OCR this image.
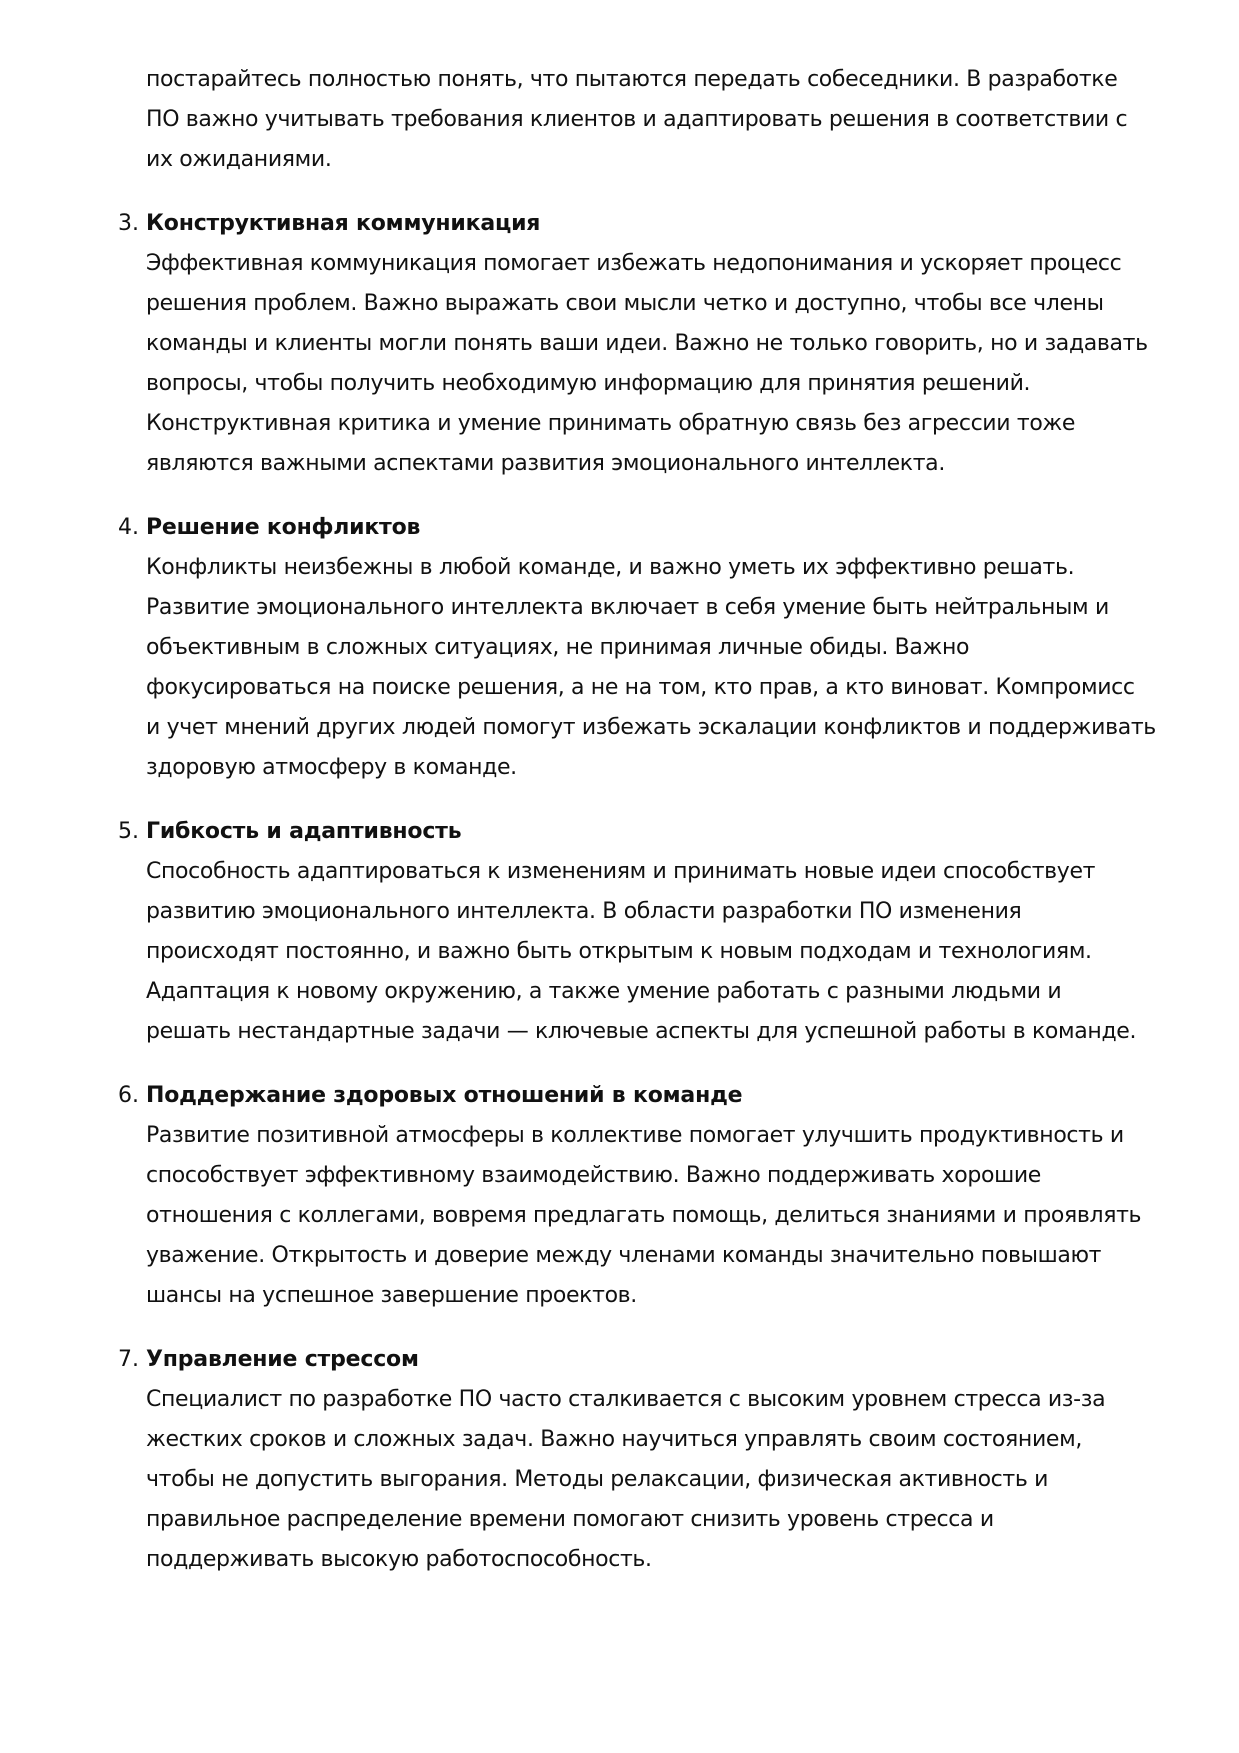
постарайтесь полностью понять, что пытаются передать собеседники. В разработке
ПО важно учитывать требования клиентов и адаптировать решения в соответствии с
их ожиданиями.
3. Конструктивная коммуникация
Эффективная коммуникация помогает избежать недопонимания и ускоряет процесс
решения проблем. Важно выражать свои мысли четко и доступно, чтобы все члены
команды и клиенты могли понять ваши идеи. Важно не только говорить, но и задавать
вопросы, чтобы получить необходимую информацию для принятия решений.
Конструктивная критика и умение принимать обратную связь без агрессии тоже
являются важными аспектами развития эмоционального интеллекта.
4. Решение конфликтов
Конфликты неизбежны в любой команде, и важно уметь их эффективно решать.
Развитие эмоционального интеллекта включает в себя умение быть нейтральным и
объективным в сложных ситуациях, не принимая личные обиды. Важно
фокусироваться на поиске решения, а не на том, кто прав, а кто виноват. Компромисс
и учет мнений других людей помогут избежать эскалации конфликтов и поддерживать
здоровую атмосферу в команде.
5. Гибкость и адаптивность
Способность адаптироваться к изменениям и принимать новые идеи способствует
развитию эмоционального интеллекта. В области разработки ПО изменения
происходят постоянно, и важно быть открытым к новым подходам и технологиям.
Адаптация к новому окружению, а также умение работать с разными людьми и
решать нестандартные задачи — ключевые аспекты для успешной работы в команде.
6. Поддержание здоровых отношений в команде
Развитие позитивной атмосферы в коллективе помогает улучшить продуктивность и
способствует эффективному взаимодействию. Важно поддерживать хорошие
отношения с коллегами, вовремя предлагать помощь, делиться знаниями и проявлять
уважение. Открытость и доверие между членами команды значительно повышают
шансы на успешное завершение проектов.
7. Управление стрессом
Специалист по разработке ПО часто сталкивается с высоким уровнем стресса из-за
жестких сроков и сложных задач. Важно научиться управлять своим состоянием,
чтобы не допустить выгорания. Методы релаксации, физическая активность и
правильное распределение времени помогают снизить уровень стресса и
поддерживать высокую работоспособность.
